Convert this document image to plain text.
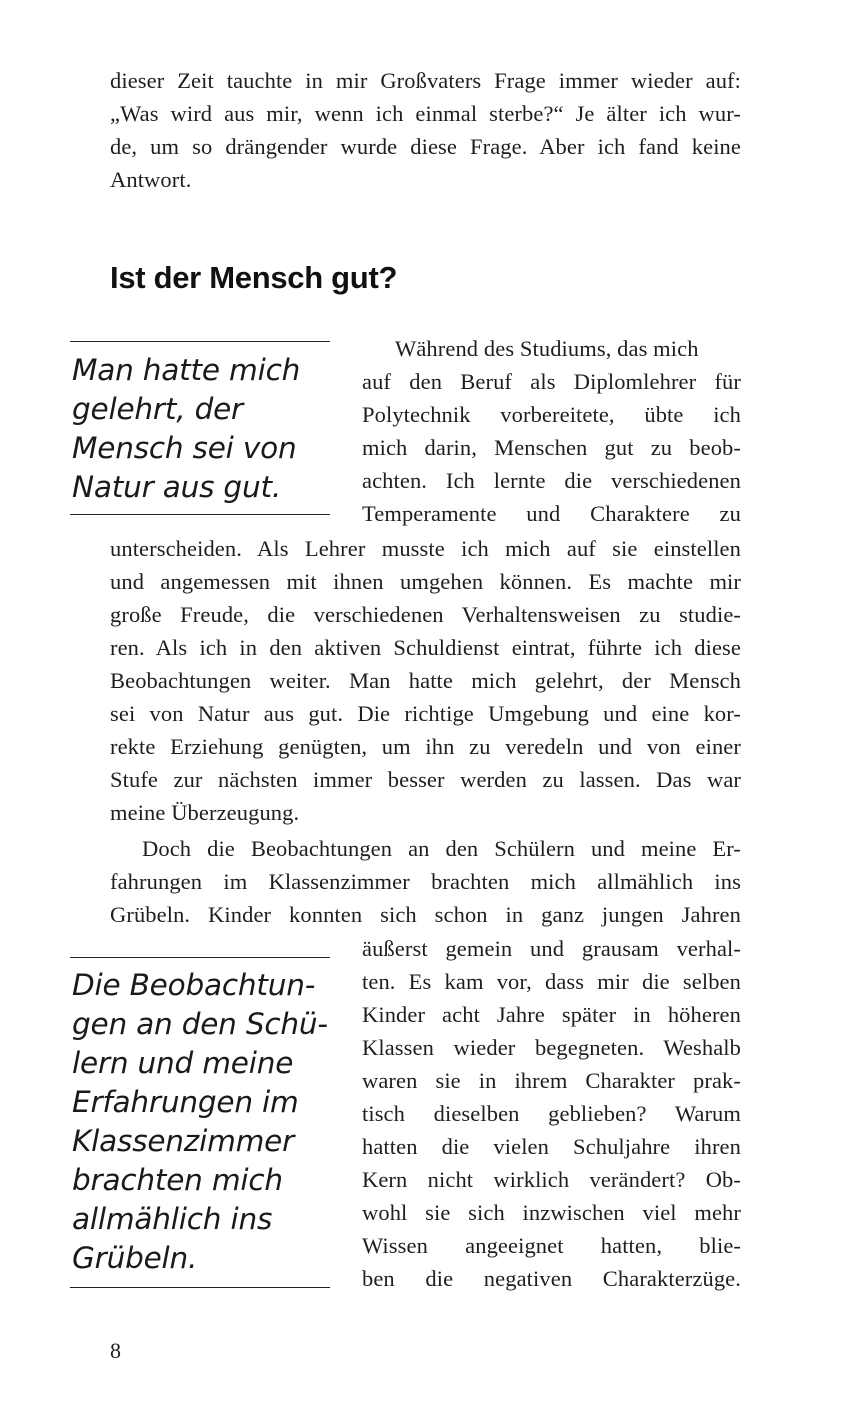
dieser Zeit tauchte in mir Großvaters Frage immer wieder auf:
„Was wird aus mir, wenn ich einmal sterbe?“ Je älter ich wur-
de, um so drängender wurde diese Frage. Aber ich fand keine
Antwort.
Ist der Mensch gut?
Man hatte mich
gelehrt, der
Mensch sei von
Natur aus gut.
Während des Studiums, das mich
auf den Beruf als Diplomlehrer für
Polytechnik vorbereitete, übte ich
mich darin, Menschen gut zu beob-
achten. Ich lernte die verschiedenen
Temperamente und Charaktere zu
unterscheiden. Als Lehrer musste ich mich auf sie einstellen
und angemessen mit ihnen umgehen können. Es machte mir
große Freude, die verschiedenen Verhaltensweisen zu studie-
ren. Als ich in den aktiven Schuldienst eintrat, führte ich diese
Beobachtungen weiter. Man hatte mich gelehrt, der Mensch
sei von Natur aus gut. Die richtige Umgebung und eine kor-
rekte Erziehung genügten, um ihn zu veredeln und von einer
Stufe zur nächsten immer besser werden zu lassen. Das war
meine Überzeugung.
Doch die Beobachtungen an den Schülern und meine Er-
fahrungen im Klassenzimmer brachten mich allmählich ins
Grübeln. Kinder konnten sich schon in ganz jungen Jahren
äußerst gemein und grausam verhal-
ten. Es kam vor, dass mir die selben
Kinder acht Jahre später in höheren
Klassen wieder begegneten. Weshalb
waren sie in ihrem Charakter prak-
tisch dieselben geblieben? Warum
hatten die vielen Schuljahre ihren
Kern nicht wirklich verändert? Ob-
wohl sie sich inzwischen viel mehr
Wissen angeeignet hatten, blie-
ben die negativen Charakterzüge.
Die Beobachtun-
gen an den Schü-
lern und meine
Erfahrungen im
Klassenzimmer
brachten mich
allmählich ins
Grübeln.
8
